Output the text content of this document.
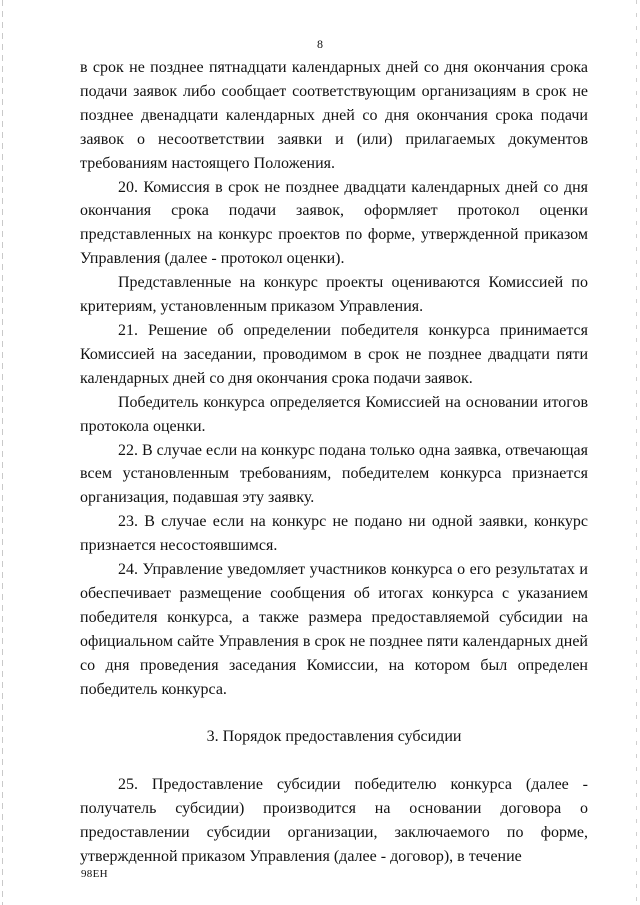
8

в срок не позднее пятнадцати календарных дней со дня окончания срока подачи заявок либо сообщает соответствующим организациям в срок не позднее двенадцати календарных дней со дня окончания срока подачи заявок о несоответствии заявки и (или) прилагаемых документов требованиям настоящего Положения.

20. Комиссия в срок не позднее двадцати календарных дней со дня окончания срока подачи заявок, оформляет протокол оценки представленных на конкурс проектов по форме, утвержденной приказом Управления (далее - протокол оценки).

Представленные на конкурс проекты оцениваются Комиссией по критериям, установленным приказом Управления.

21. Решение об определении победителя конкурса принимается Комиссией на заседании, проводимом в срок не позднее двадцати пяти календарных дней со дня окончания срока подачи заявок.

Победитель конкурса определяется Комиссией на основании итогов протокола оценки.

22. В случае если на конкурс подана только одна заявка, отвечающая всем установленным требованиям, победителем конкурса признается организация, подавшая эту заявку.

23. В случае если на конкурс не подано ни одной заявки, конкурс признается несостоявшимся.

24. Управление уведомляет участников конкурса о его результатах и обеспечивает размещение сообщения об итогах конкурса с указанием победителя конкурса, а также размера предоставляемой субсидии на официальном сайте Управления в срок не позднее пяти календарных дней со дня проведения заседания Комиссии, на котором был определен победитель конкурса.

3. Порядок предоставления субсидии

25. Предоставление субсидии победителю конкурса (далее - получатель субсидии) производится на основании договора о предоставлении субсидии организации, заключаемого по форме, утвержденной приказом Управления (далее - договор), в течение

98ЕН
